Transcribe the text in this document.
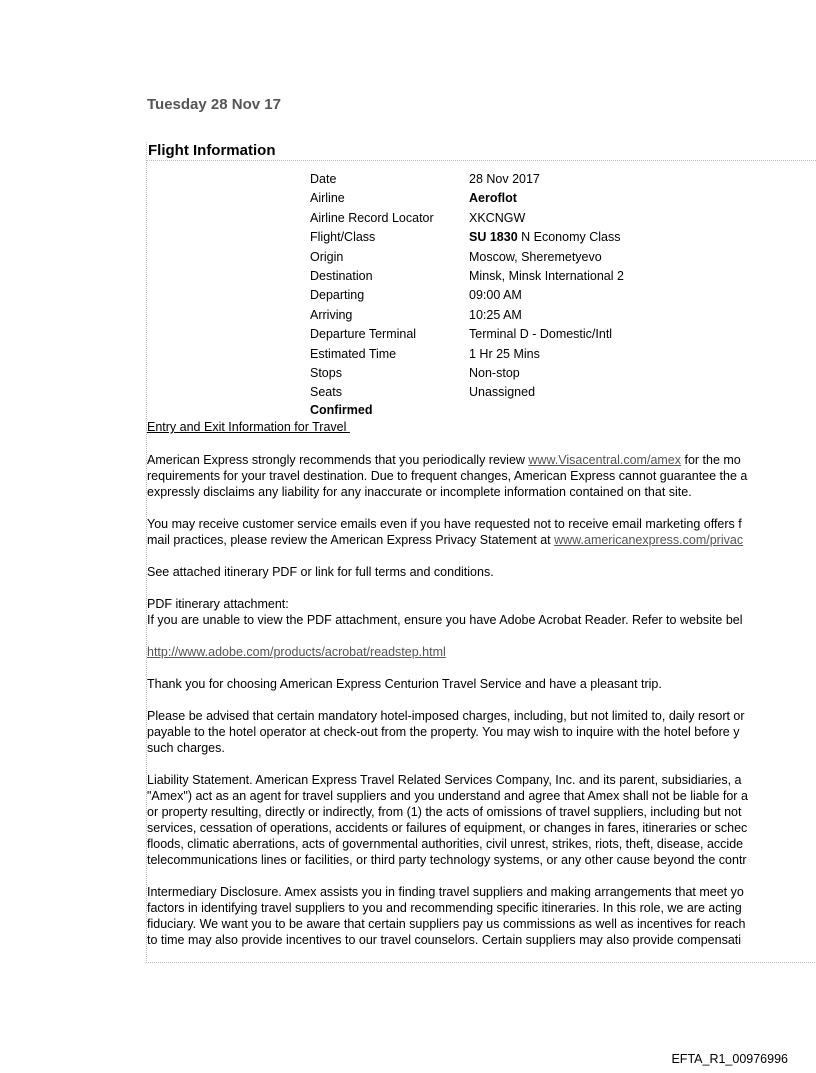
Tuesday 28 Nov 17
Flight Information
Date	28 Nov 2017
Airline	Aeroflot
Airline Record Locator	XKCNGW
Flight/Class	SU 1830 N Economy Class
Origin	Moscow, Sheremetyevo
Destination	Minsk, Minsk International 2
Departing	09:00 AM
Arriving	10:25 AM
Departure Terminal	Terminal D - Domestic/Intl
Estimated Time	1 Hr 25 Mins
Stops	Non-stop
Seats	Unassigned
Confirmed
Entry and Exit Information for Travel
American Express strongly recommends that you periodically review www.Visacentral.com/amex for the mo
requirements for your travel destination. Due to frequent changes, American Express cannot guarantee the a
expressly disclaims any liability for any inaccurate or incomplete information contained on that site.
You may receive customer service emails even if you have requested not to receive email marketing offers f
mail practices, please review the American Express Privacy Statement at www.americanexpress.com/privac
See attached itinerary PDF or link for full terms and conditions.
PDF itinerary attachment:
If you are unable to view the PDF attachment, ensure you have Adobe Acrobat Reader. Refer to website bel
http://www.adobe.com/products/acrobat/readstep.html
Thank you for choosing American Express Centurion Travel Service and have a pleasant trip.
Please be advised that certain mandatory hotel-imposed charges, including, but not limited to, daily resort or
payable to the hotel operator at check-out from the property. You may wish to inquire with the hotel before y
such charges.
Liability Statement. American Express Travel Related Services Company, Inc. and its parent, subsidiaries, a
"Amex") act as an agent for travel suppliers and you understand and agree that Amex shall not be liable for a
or property resulting, directly or indirectly, from (1) the acts of omissions of travel suppliers, including but not
services, cessation of operations, accidents or failures of equipment, or changes in fares, itineraries or schec
floods, climatic aberrations, acts of governmental authorities, civil unrest, strikes, riots, theft, disease, accide
telecommunications lines or facilities, or third party technology systems, or any other cause beyond the contr
Intermediary Disclosure. Amex assists you in finding travel suppliers and making arrangements that meet yo
factors in identifying travel suppliers to you and recommending specific itineraries. In this role, we are acting
fiduciary. We want you to be aware that certain suppliers pay us commissions as well as incentives for reach
to time may also provide incentives to our travel counselors. Certain suppliers may also provide compensati
EFTA_R1_00976996
